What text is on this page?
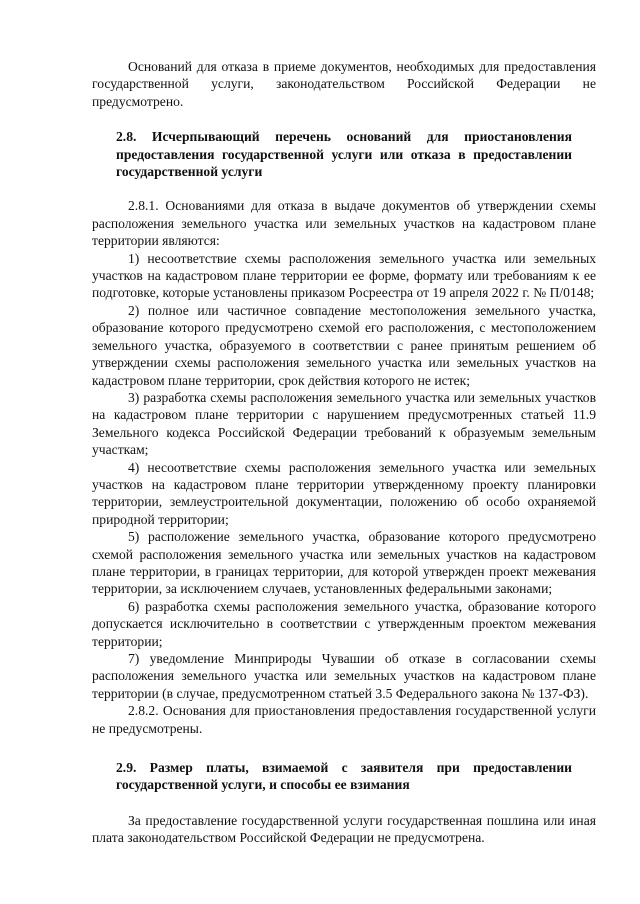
Оснований для отказа в приеме документов, необходимых для предоставления государственной услуги, законодательством Российской Федерации не предусмотрено.

2.8. Исчерпывающий перечень оснований для приостановления предоставления государственной услуги или отказа в предоставлении государственной услуги

2.8.1. Основаниями для отказа в выдаче документов об утверждении схемы расположения земельного участка или земельных участков на кадастровом плане территории являются:

1) несоответствие схемы расположения земельного участка или земельных участков на кадастровом плане территории ее форме, формату или требованиям к ее подготовке, которые установлены приказом Росреестра от 19 апреля 2022 г. № П/0148;

2) полное или частичное совпадение местоположения земельного участка, образование которого предусмотрено схемой его расположения, с местоположением земельного участка, образуемого в соответствии с ранее принятым решением об утверждении схемы расположения земельного участка или земельных участков на кадастровом плане территории, срок действия которого не истек;

3) разработка схемы расположения земельного участка или земельных участков на кадастровом плане территории с нарушением предусмотренных статьей 11.9 Земельного кодекса Российской Федерации требований к образуемым земельным участкам;

4) несоответствие схемы расположения земельного участка или земельных участков на кадастровом плане территории утвержденному проекту планировки территории, землеустроительной документации, положению об особо охраняемой природной территории;

5) расположение земельного участка, образование которого предусмотрено схемой расположения земельного участка или земельных участков на кадастровом плане территории, в границах территории, для которой утвержден проект межевания территории, за исключением случаев, установленных федеральными законами;

6) разработка схемы расположения земельного участка, образование которого допускается исключительно в соответствии с утвержденным проектом межевания территории;

7) уведомление Минприроды Чувашии об отказе в согласовании схемы расположения земельного участка или земельных участков на кадастровом плане территории (в случае, предусмотренном статьей 3.5 Федерального закона № 137-ФЗ).

2.8.2. Основания для приостановления предоставления государственной услуги не предусмотрены.

2.9. Размер платы, взимаемой с заявителя при предоставлении государственной услуги, и способы ее взимания

За предоставление государственной услуги государственная пошлина или иная плата законодательством Российской Федерации не предусмотрена.
